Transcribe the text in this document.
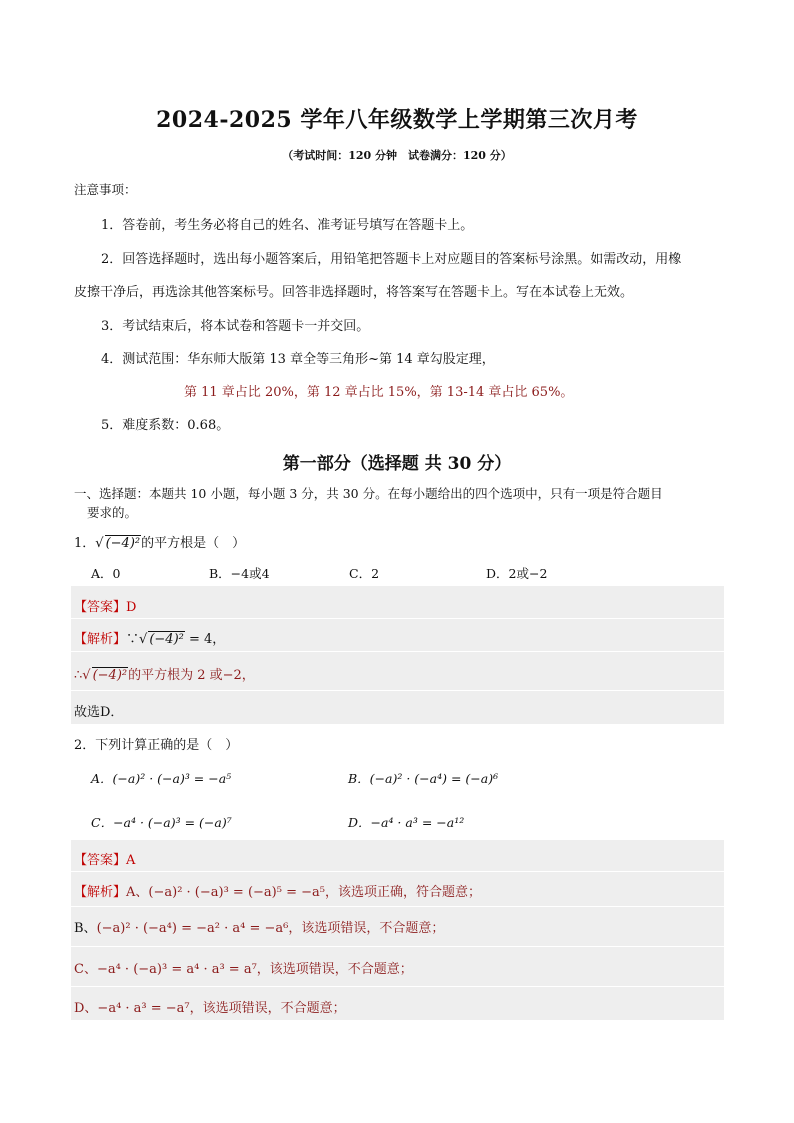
2024-2025 学年八年级数学上学期第三次月考
（考试时间：120 分钟　试卷满分：120 分）
注意事项：
1．答卷前，考生务必将自己的姓名、准考证号填写在答题卡上。
2．回答选择题时，选出每小题答案后，用铅笔把答题卡上对应题目的答案标号涂黑。如需改动，用橡
皮擦干净后，再选涂其他答案标号。回答非选择题时，将答案写在答题卡上。写在本试卷上无效。
3．考试结束后，将本试卷和答题卡一并交回。
4．测试范围：华东师大版第 13 章全等三角形~第 14 章勾股定理，
第 11 章占比 20%，第 12 章占比 15%，第 13-14 章占比 65%。
5．难度系数：0.68。
第一部分（选择题 共 30 分）
一、选择题：本题共 10 小题，每小题 3 分，共 30 分。在每小题给出的四个选项中，只有一项是符合题目
要求的。
1．√ (−4)²的平方根是（　）
A．0	B．−4或4	C．2	D．2或−2
【答案】D
【解析】∵√ (−4)² = 4，
∴√ (−4)²的平方根为 2 或−2，
故选D．
2．下列计算正确的是（　）
A．(−a)² · (−a)³ = −a⁵	B．(−a)² · (−a⁴) = (−a)⁶
C．−a⁴ · (−a)³ = (−a)⁷	D．−a⁴ · a³ = −a¹²
【答案】A
【解析】A、(−a)² · (−a)³ = (−a)⁵ = −a⁵，该选项正确，符合题意；
B、(−a)² · (−a⁴) = −a² · a⁴ = −a⁶，该选项错误，不合题意；
C、−a⁴ · (−a)³ = a⁴ · a³ = a⁷，该选项错误，不合题意；
D、−a⁴ · a³ = −a⁷，该选项错误，不合题意；
